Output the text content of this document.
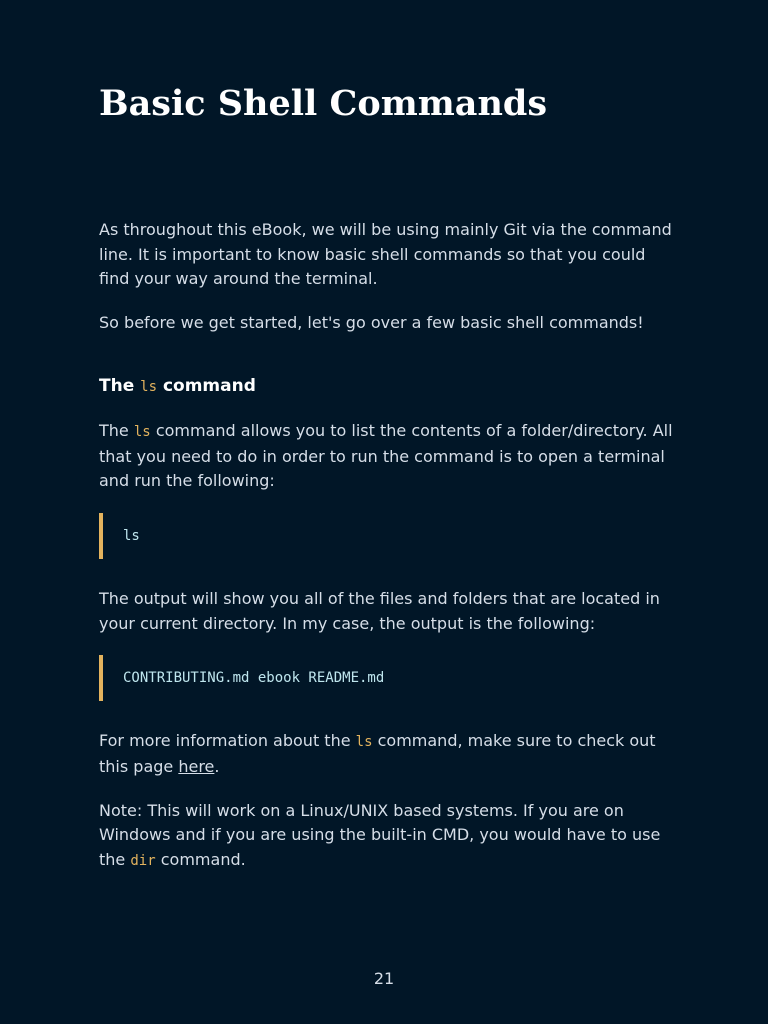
Basic Shell Commands

As throughout this eBook, we will be using mainly Git via the command line. It is important to know basic shell commands so that you could find your way around the terminal.

So before we get started, let's go over a few basic shell commands!

The ls command

The ls command allows you to list the contents of a folder/directory. All that you need to do in order to run the command is to open a terminal and run the following:

ls

The output will show you all of the files and folders that are located in your current directory. In my case, the output is the following:

CONTRIBUTING.md ebook README.md

For more information about the ls command, make sure to check out this page here.

Note: This will work on a Linux/UNIX based systems. If you are on Windows and if you are using the built-in CMD, you would have to use the dir command.

21
